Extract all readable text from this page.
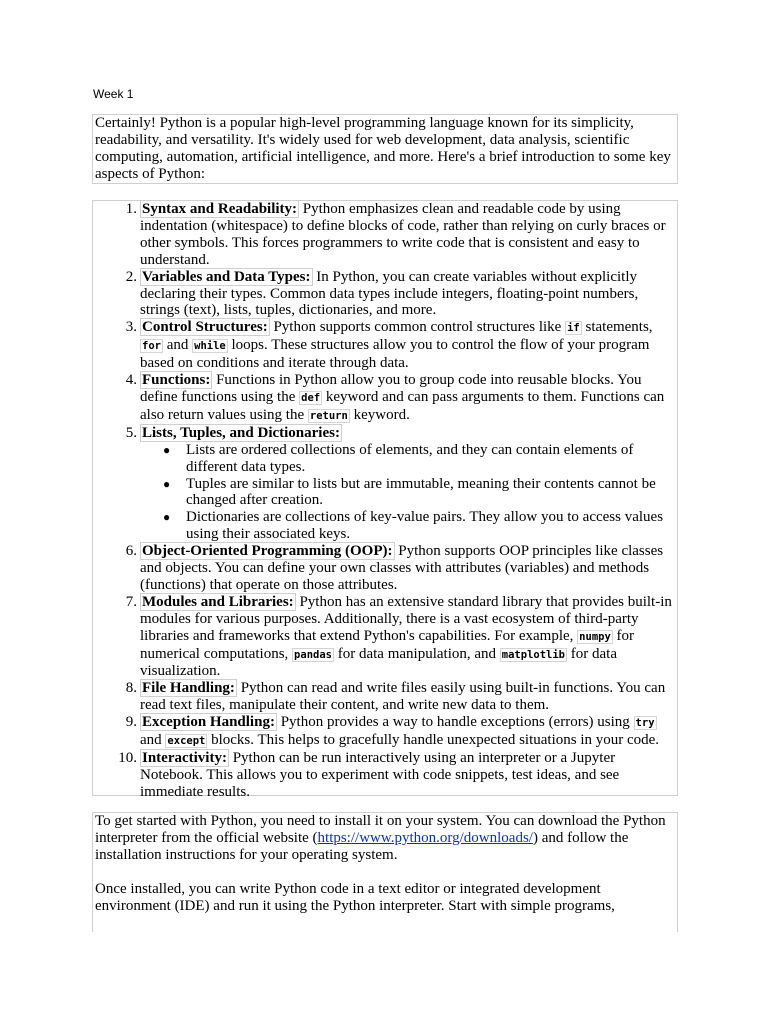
Week 1
Certainly! Python is a popular high-level programming language known for its simplicity, readability, and versatility. It's widely used for web development, data analysis, scientific computing, automation, artificial intelligence, and more. Here's a brief introduction to some key aspects of Python:
1. Syntax and Readability: Python emphasizes clean and readable code by using indentation (whitespace) to define blocks of code, rather than relying on curly braces or other symbols. This forces programmers to write code that is consistent and easy to understand.
2. Variables and Data Types: In Python, you can create variables without explicitly declaring their types. Common data types include integers, floating-point numbers, strings (text), lists, tuples, dictionaries, and more.
3. Control Structures: Python supports common control structures like if statements, for and while loops. These structures allow you to control the flow of your program based on conditions and iterate through data.
4. Functions: Functions in Python allow you to group code into reusable blocks. You define functions using the def keyword and can pass arguments to them. Functions can also return values using the return keyword.
5. Lists, Tuples, and Dictionaries:
● Lists are ordered collections of elements, and they can contain elements of different data types.
● Tuples are similar to lists but are immutable, meaning their contents cannot be changed after creation.
● Dictionaries are collections of key-value pairs. They allow you to access values using their associated keys.
6. Object-Oriented Programming (OOP): Python supports OOP principles like classes and objects. You can define your own classes with attributes (variables) and methods (functions) that operate on those attributes.
7. Modules and Libraries: Python has an extensive standard library that provides built-in modules for various purposes. Additionally, there is a vast ecosystem of third-party libraries and frameworks that extend Python's capabilities. For example, numpy for numerical computations, pandas for data manipulation, and matplotlib for data visualization.
8. File Handling: Python can read and write files easily using built-in functions. You can read text files, manipulate their content, and write new data to them.
9. Exception Handling: Python provides a way to handle exceptions (errors) using try and except blocks. This helps to gracefully handle unexpected situations in your code.
10. Interactivity: Python can be run interactively using an interpreter or a Jupyter Notebook. This allows you to experiment with code snippets, test ideas, and see immediate results.
To get started with Python, you need to install it on your system. You can download the Python interpreter from the official website (https://www.python.org/downloads/) and follow the installation instructions for your operating system.
Once installed, you can write Python code in a text editor or integrated development environment (IDE) and run it using the Python interpreter. Start with simple programs,
